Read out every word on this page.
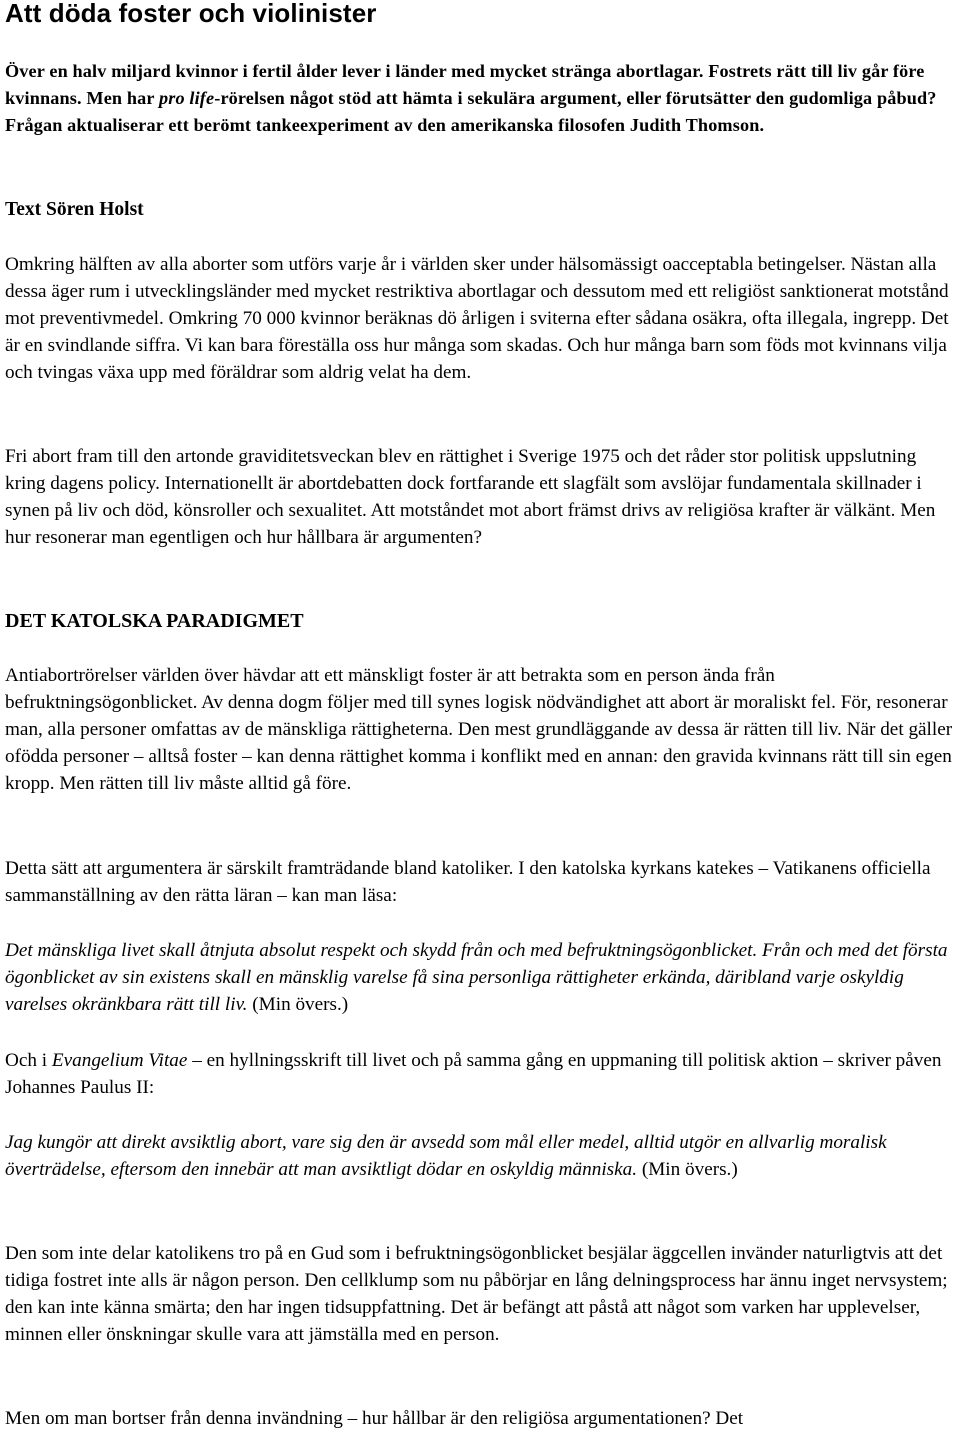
Att döda foster och violinister

Över en halv miljard kvinnor i fertil ålder lever i länder med mycket stränga abortlagar. Fostrets rätt till liv går före kvinnans. Men har pro life-rörelsen något stöd att hämta i sekulära argument, eller förutsätter den gudomliga påbud? Frågan aktualiserar ett berömt tankeexperiment av den amerikanska filosofen Judith Thomson.

Text Sören Holst

Omkring hälften av alla aborter som utförs varje år i världen sker under hälsomässigt oacceptabla betingelser. Nästan alla dessa äger rum i utvecklingsländer med mycket restriktiva abortlagar och dessutom med ett religiöst sanktionerat motstånd mot preventivmedel. Omkring 70 000 kvinnor beräknas dö årligen i sviterna efter sådana osäkra, ofta illegala, ingrepp. Det är en svindlande siffra. Vi kan bara föreställa oss hur många som skadas. Och hur många barn som föds mot kvinnans vilja och tvingas växa upp med föräldrar som aldrig velat ha dem.

Fri abort fram till den artonde graviditetsveckan blev en rättighet i Sverige 1975 och det råder stor politisk uppslutning kring dagens policy. Internationellt är abortdebatten dock fortfarande ett slagfält som avslöjar fundamentala skillnader i synen på liv och död, könsroller och sexualitet. Att motståndet mot abort främst drivs av religiösa krafter är välkänt. Men hur resonerar man egentligen och hur hållbara är argumenten?

DET KATOLSKA PARADIGMET

Antiabortrörelser världen över hävdar att ett mänskligt foster är att betrakta som en person ända från befruktningsögonblicket. Av denna dogm följer med till synes logisk nödvändighet att abort är moraliskt fel. För, resonerar man, alla personer omfattas av de mänskliga rättigheterna. Den mest grundläggande av dessa är rätten till liv. När det gäller ofödda personer – alltså foster – kan denna rättighet komma i konflikt med en annan: den gravida kvinnans rätt till sin egen kropp. Men rätten till liv måste alltid gå före.

Detta sätt att argumentera är särskilt framträdande bland katoliker. I den katolska kyrkans katekes – Vatikanens officiella sammanställning av den rätta läran – kan man läsa:

Det mänskliga livet skall åtnjuta absolut respekt och skydd från och med befruktningsögonblicket. Från och med det första ögonblicket av sin existens skall en mänsklig varelse få sina personliga rättigheter erkända, däribland varje oskyldig varelses okränkbara rätt till liv. (Min övers.)

Och i Evangelium Vitae – en hyllningsskrift till livet och på samma gång en uppmaning till politisk aktion – skriver påven Johannes Paulus II:

Jag kungör att direkt avsiktlig abort, vare sig den är avsedd som mål eller medel, alltid utgör en allvarlig moralisk överträdelse, eftersom den innebär att man avsiktligt dödar en oskyldig människa. (Min övers.)

Den som inte delar katolikens tro på en Gud som i befruktningsögonblicket besjälar äggcellen invänder naturligtvis att det tidiga fostret inte alls är någon person. Den cellklump som nu påbörjar en lång delningsprocess har ännu inget nervsystem; den kan inte känna smärta; den har ingen tidsuppfattning. Det är befängt att påstå att något som varken har upplevelser, minnen eller önskningar skulle vara att jämställa med en person.

Men om man bortser från denna invändning – hur hållbar är den religiösa argumentationen? Det
